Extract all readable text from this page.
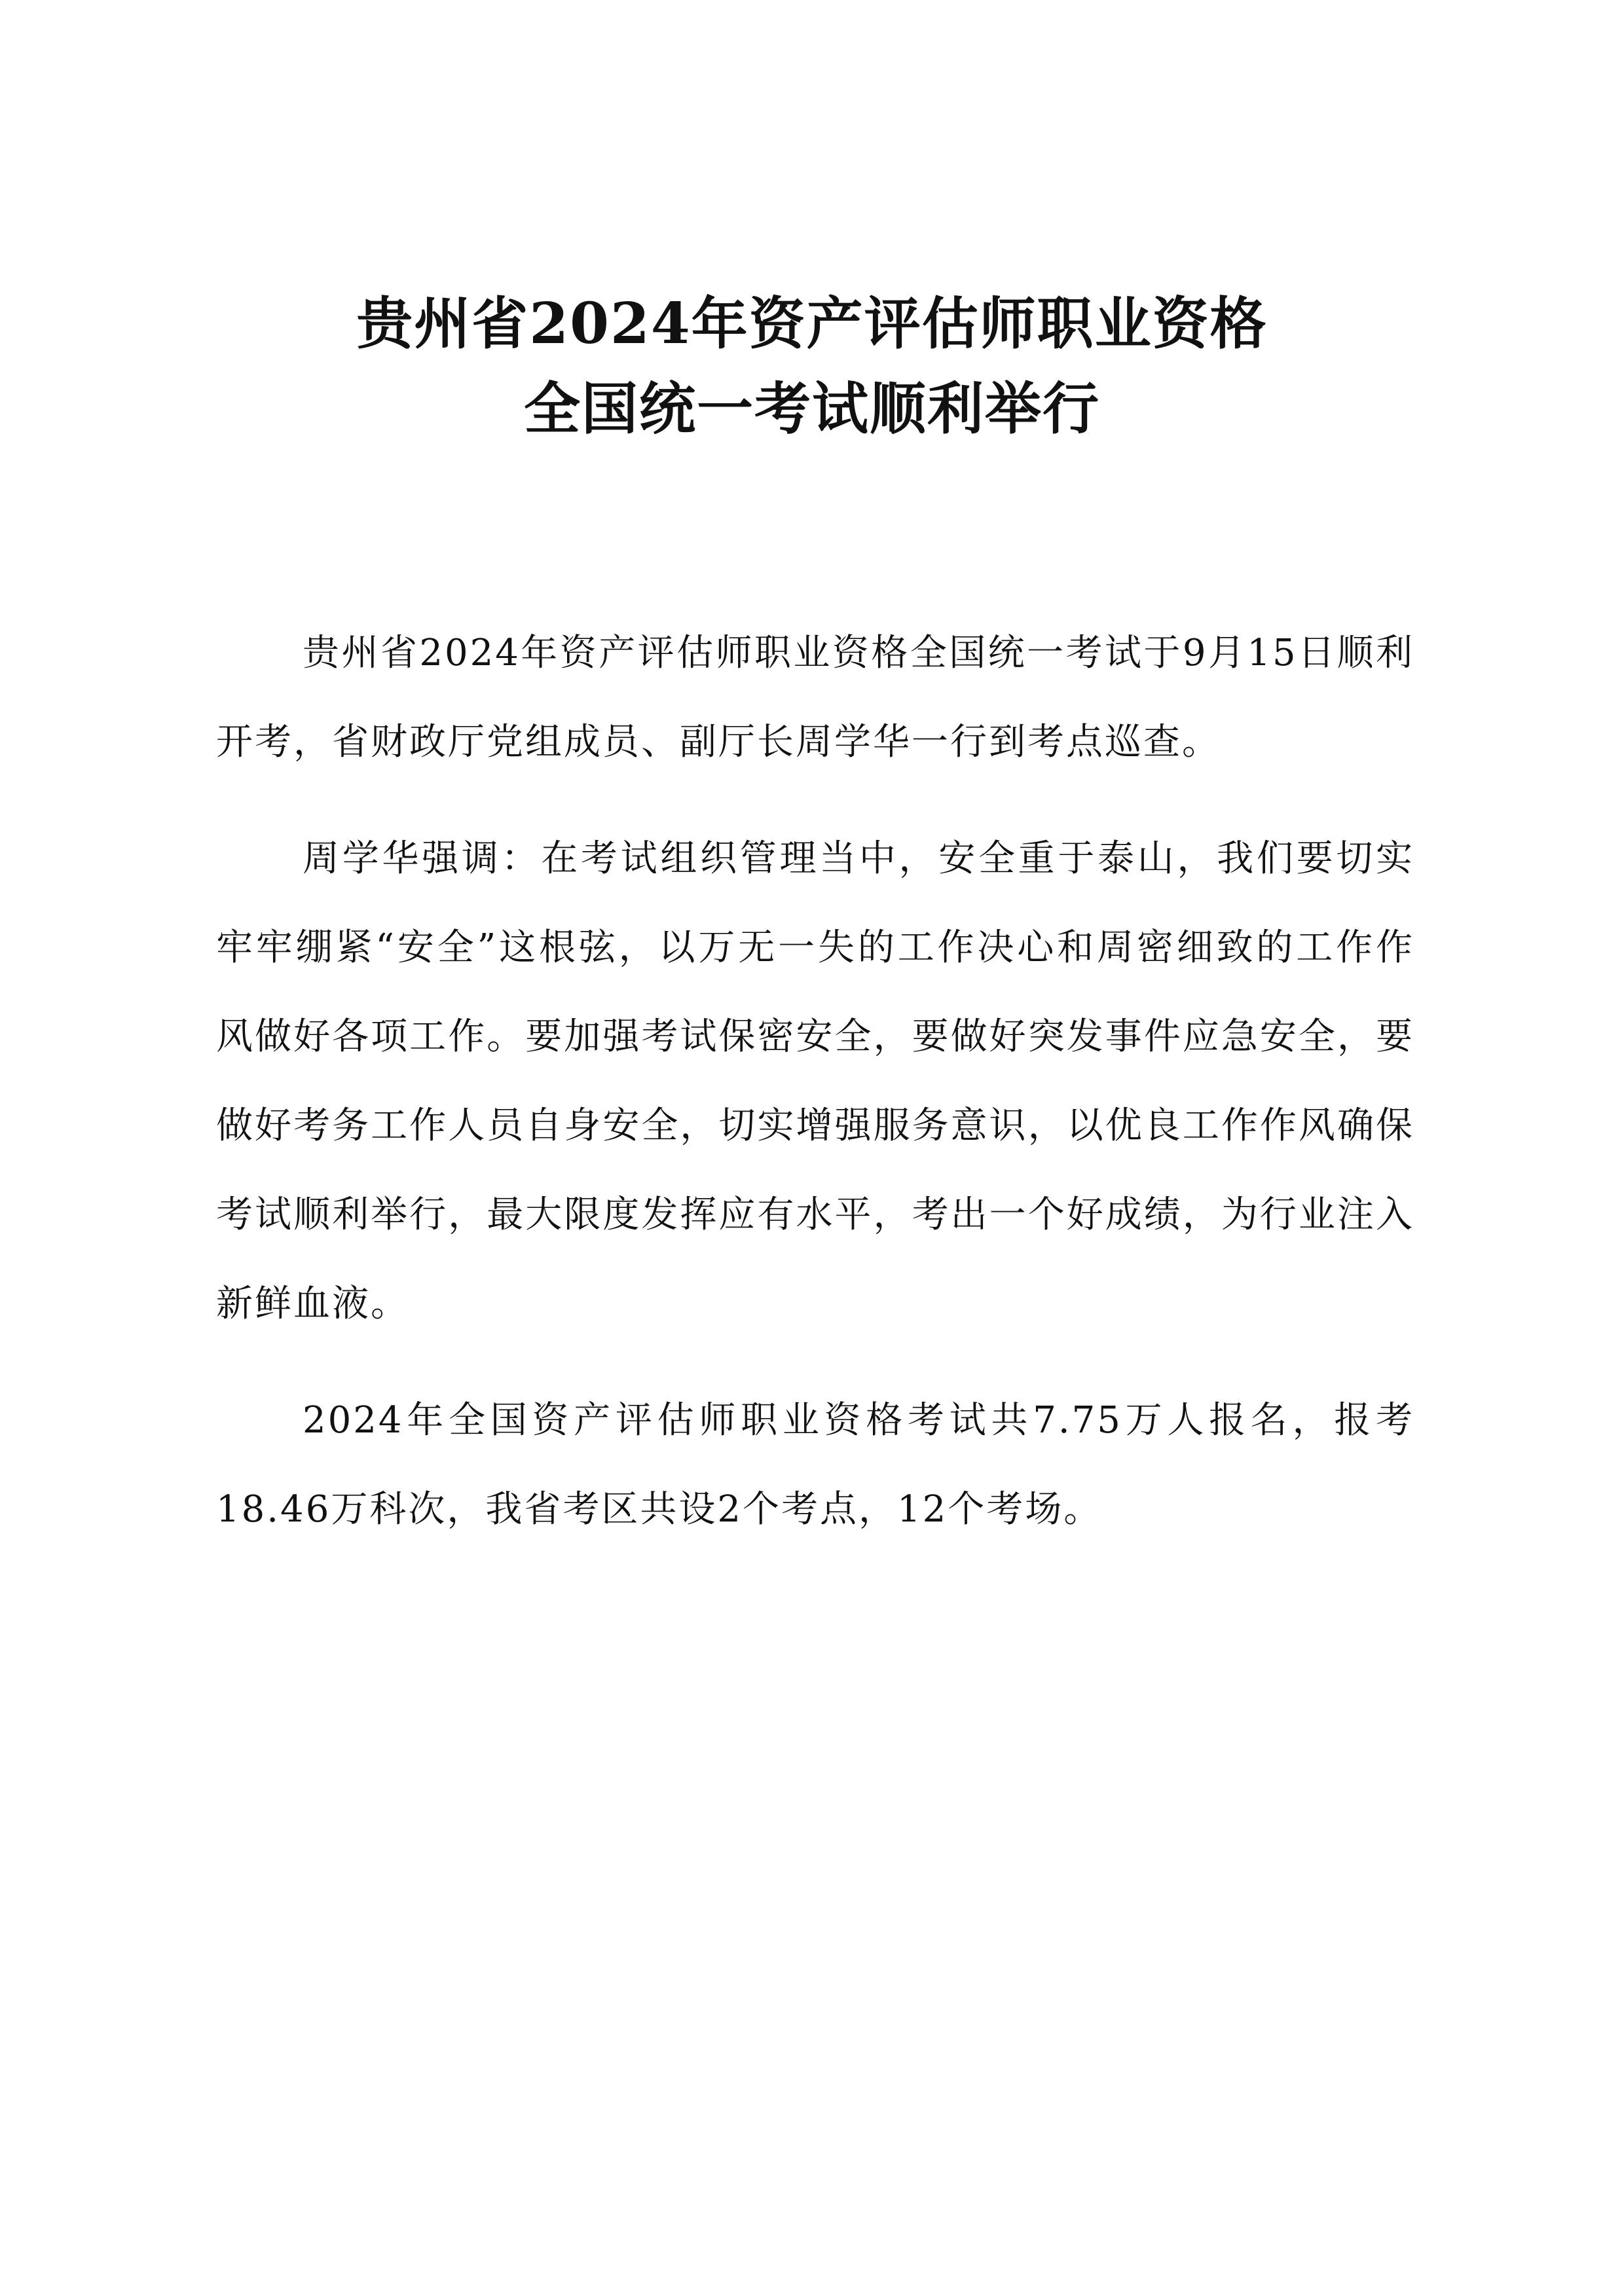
贵州省2024年资产评估师职业资格
全国统一考试顺利举行

贵州省2024年资产评估师职业资格全国统一考试于9月15日顺利开考，省财政厅党组成员、副厅长周学华一行到考点巡查。

周学华强调：在考试组织管理当中，安全重于泰山，我们要切实牢牢绷紧“安全”这根弦，以万无一失的工作决心和周密细致的工作作风做好各项工作。要加强考试保密安全，要做好突发事件应急安全，要做好考务工作人员自身安全，切实增强服务意识，以优良工作作风确保考试顺利举行，最大限度发挥应有水平，考出一个好成绩，为行业注入新鲜血液。

2024年全国资产评估师职业资格考试共7.75万人报名，报考18.46万科次，我省考区共设2个考点，12个考场。
